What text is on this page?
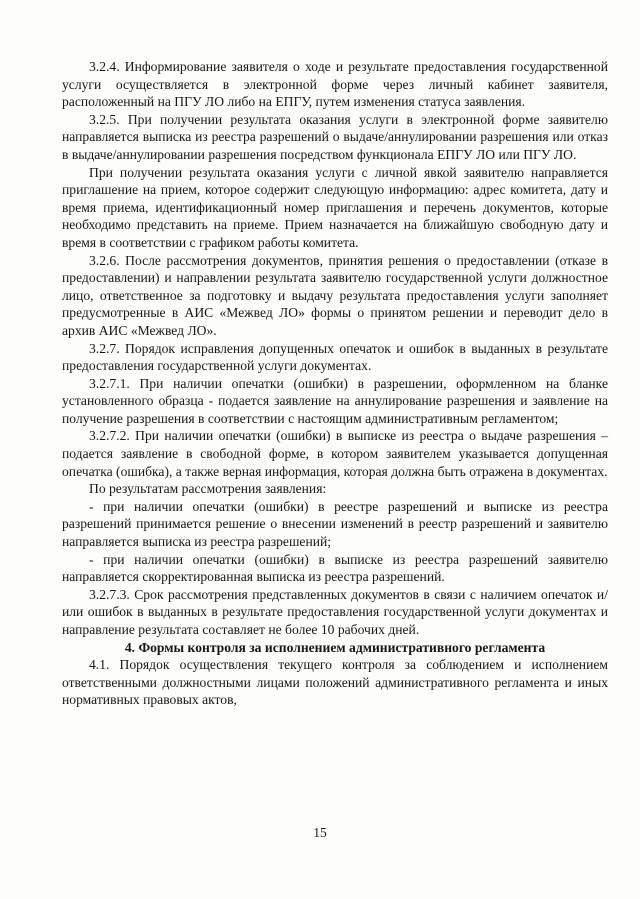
3.2.4. Информирование заявителя о ходе и результате предоставления государственной услуги осуществляется в электронной форме через личный кабинет заявителя, расположенный на ПГУ ЛО либо на ЕПГУ, путем изменения статуса заявления.

3.2.5. При получении результата оказания услуги в электронной форме заявителю направляется выписка из реестра разрешений о выдаче/аннулировании разрешения или отказ в выдаче/аннулировании разрешения посредством функционала ЕПГУ ЛО или ПГУ ЛО.

При получении результата оказания услуги с личной явкой заявителю направляется приглашение на прием, которое содержит следующую информацию: адрес комитета, дату и время приема, идентификационный номер приглашения и перечень документов, которые необходимо представить на приеме. Прием назначается на ближайшую свободную дату и время в соответствии с графиком работы комитета.

3.2.6. После рассмотрения документов, принятия решения о предоставлении (отказе в предоставлении) и направлении результата заявителю государственной услуги должностное лицо, ответственное за подготовку и выдачу результата предоставления услуги заполняет предусмотренные в АИС «Межвед ЛО» формы о принятом решении и переводит дело в архив АИС «Межвед ЛО».

3.2.7. Порядок исправления допущенных опечаток и ошибок в выданных в результате предоставления государственной услуги документах.

3.2.7.1. При наличии опечатки (ошибки) в разрешении, оформленном на бланке установленного образца - подается заявление на аннулирование разрешения и заявление на получение разрешения в соответствии с настоящим административным регламентом;

3.2.7.2. При наличии опечатки (ошибки) в выписке из реестра о выдаче разрешения – подается заявление в свободной форме, в котором заявителем указывается допущенная опечатка (ошибка), а также верная информация, которая должна быть отражена в документах.

По результатам рассмотрения заявления:

- при наличии опечатки (ошибки) в реестре разрешений и выписке из реестра разрешений принимается решение о внесении изменений в реестр разрешений и заявителю направляется выписка из реестра разрешений;

- при наличии опечатки (ошибки) в выписке из реестра разрешений заявителю направляется скорректированная выписка из реестра разрешений.

3.2.7.3. Срок рассмотрения представленных документов в связи с наличием опечаток и/или ошибок в выданных в результате предоставления государственной услуги документах и направление результата составляет не более 10 рабочих дней.

4. Формы контроля за исполнением административного регламента

4.1. Порядок осуществления текущего контроля за соблюдением и исполнением ответственными должностными лицами положений административного регламента и иных нормативных правовых актов,

15
